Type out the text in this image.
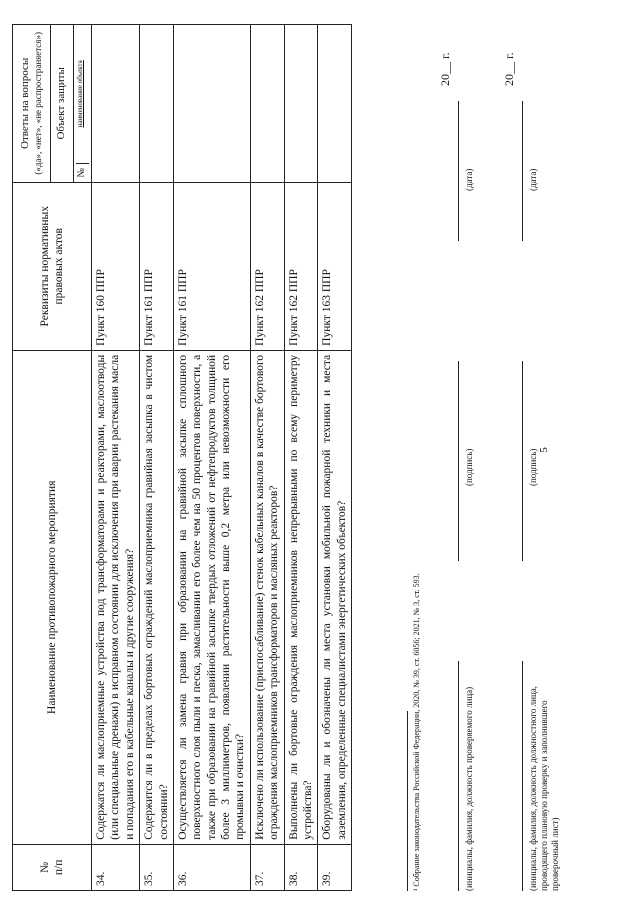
5
№
п/п	Наименование противопожарного мероприятия	Реквизиты нормативных правовых актов	Ответы на вопросы («да», «нет», «не распространяется»)

			Объект защиты

			№
наименование объекта

34.	Содержатся ли маслоприемные устройства под трансформаторами и реакторами, маслоотводы (или специальные дренажи) в исправном состоянии для исключения при аварии растекания масла и попадания его в кабельные каналы и другие сооружения?	Пункт 160 ППР	
35.	Содержится ли в пределах бортовых ограждений маслоприемника гравийная засыпка в чистом состоянии?	Пункт 161 ППР	
36.	Осуществляется ли замена гравия при образовании на гравийной засыпке сплошного поверхностного слоя пыли и песка, замасливании его более чем на 50 процентов поверхности, а также при образовании на гравийной засыпке твердых отложений от нефтепродуктов толщиной более 3 миллиметров, появлении растительности выше 0,2 метра или невозможности его промывки и очистки?	Пункт 161 ППР	
37.	Исключено ли использование (приспосабливание) стенок кабельных каналов в качестве бортового ограждения маслоприемников трансформаторов и масляных реакторов?	Пункт 162 ППР	
38.	Выполнены ли бортовые ограждения маслоприемников непрерывными по всему периметру устройства?	Пункт 162 ППР	
39.	Оборудованы ли и обозначены ли места установки мобильной пожарной техники и места заземления, определенные специалистами энергетических объектов?	Пункт 163 ППР	
¹ Собрание законодательства Российской Федерации, 2020, № 39, ст. 6056; 2021, № 3, ст. 593.	(инициалы, фамилия, должность проверяемого лица)
(подпись)
(дата)
20__ г.
(инициалы, фамилия, должность должностного лица, проводящего плановую проверку и заполнившего проверочный лист)
(подпись)
(дата)
20__ г.
